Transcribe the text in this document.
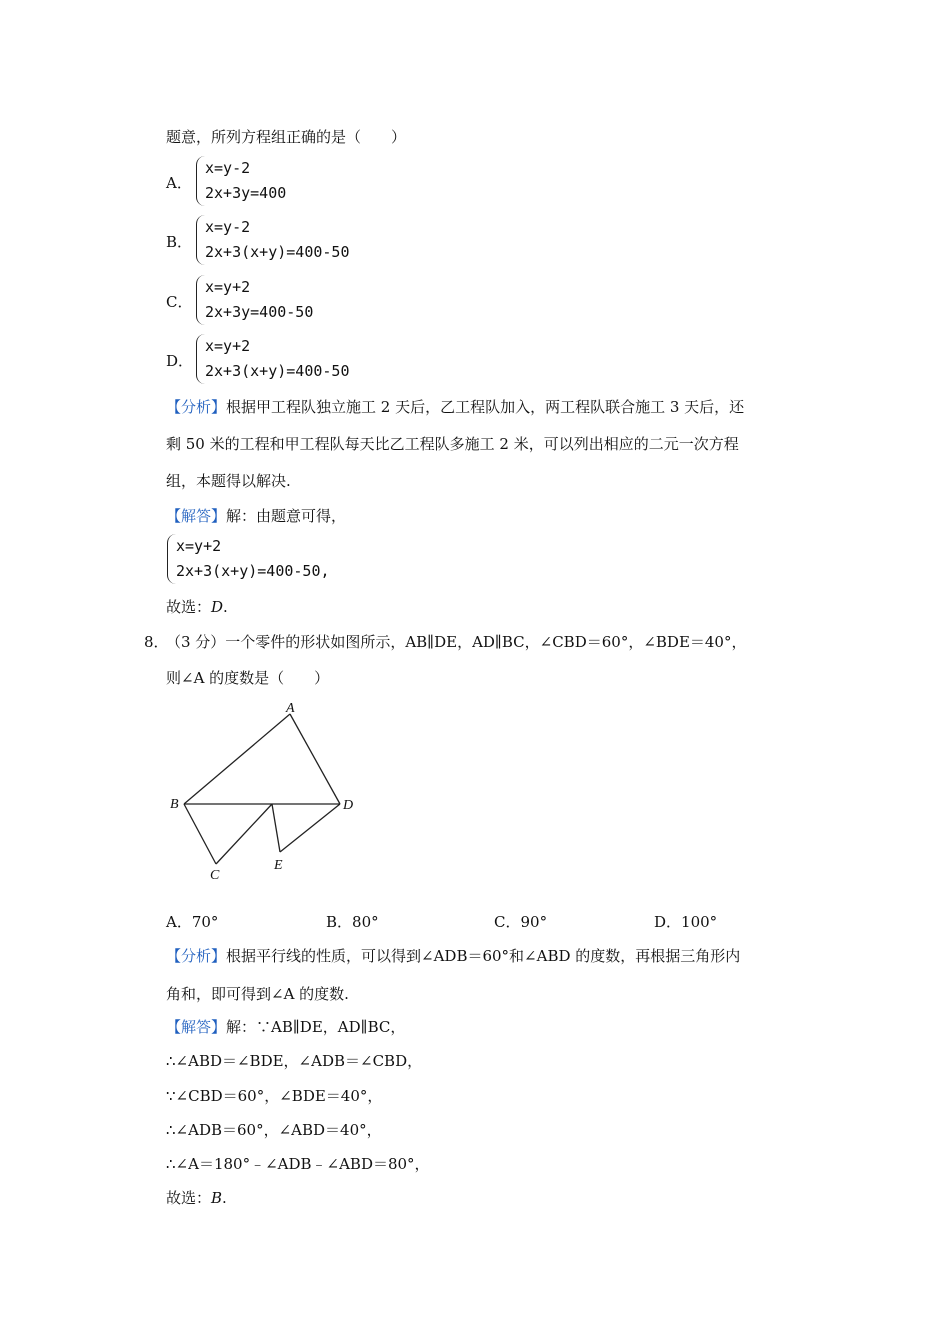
题意，所列方程组正确的是（　　）
A．
x=y-2
2x+3y=400
B．
x=y-2
2x+3(x+y)=400-50
C．
x=y+2
2x+3y=400-50
D．
x=y+2
2x+3(x+y)=400-50
【分析】根据甲工程队独立施工 2 天后，乙工程队加入，两工程队联合施工 3 天后，还
剩 50 米的工程和甲工程队每天比乙工程队多施工 2 米，可以列出相应的二元一次方程
组，本题得以解决.
【解答】解：由题意可得，
x=y+2
2x+3(x+y)=400-50,
故选：D.
8．
（3 分）一个零件的形状如图所示，AB∥DE，AD∥BC，∠CBD＝60°，∠BDE＝40°，
则∠A 的度数是（　　）
A
B
C
D
E
A．70°	B．80°	C．90°	D．100°
【分析】根据平行线的性质，可以得到∠ADB＝60°和∠ABD 的度数，再根据三角形内
角和，即可得到∠A 的度数.
【解答】解：∵AB∥DE，AD∥BC，
∴∠ABD＝∠BDE，∠ADB＝∠CBD，
∵∠CBD＝60°，∠BDE＝40°，
∴∠ADB＝60°，∠ABD＝40°，
∴∠A＝180°﹣∠ADB﹣∠ABD＝80°，
故选：B.
